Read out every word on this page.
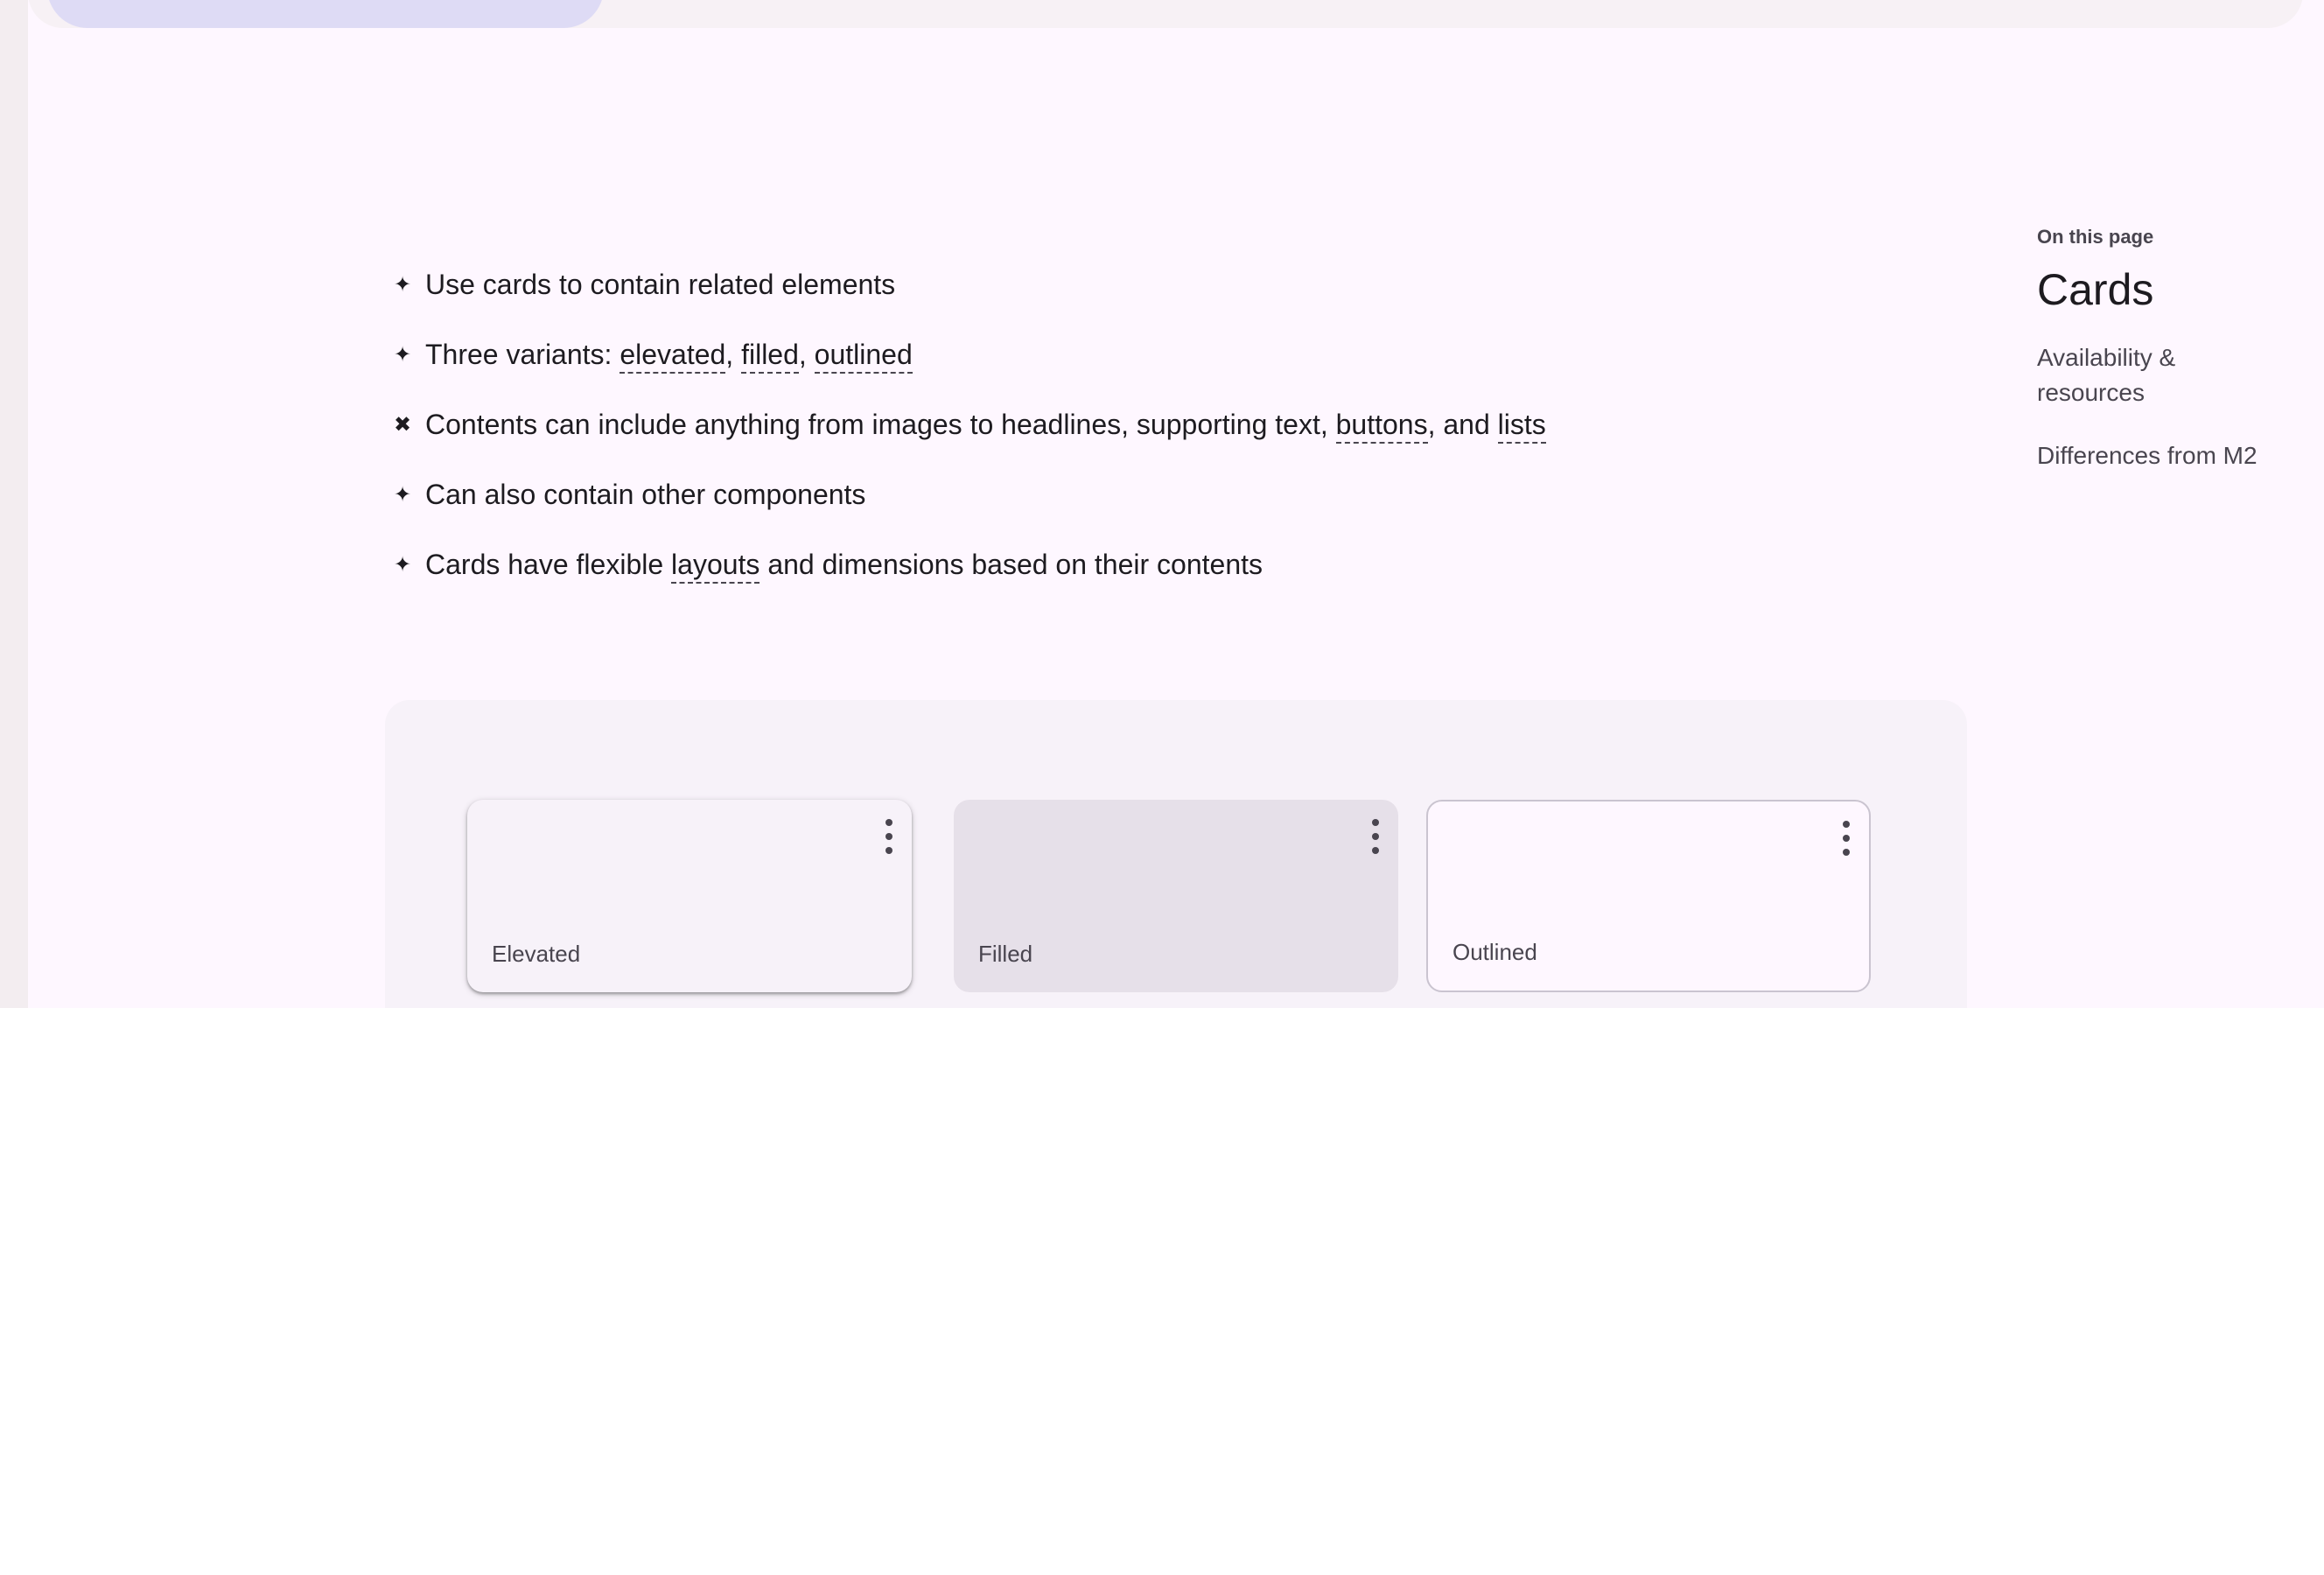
✦ Use cards to contain related elements
✦ Three variants: elevated, filled, outlined
✖ Contents can include anything from images to headlines, supporting text, buttons, and lists
✦ Can also contain other components
✦ Cards have flexible layouts and dimensions based on their contents
On this page
Cards
Availability & resources
Differences from M2
Elevated	Filled	Outlined
